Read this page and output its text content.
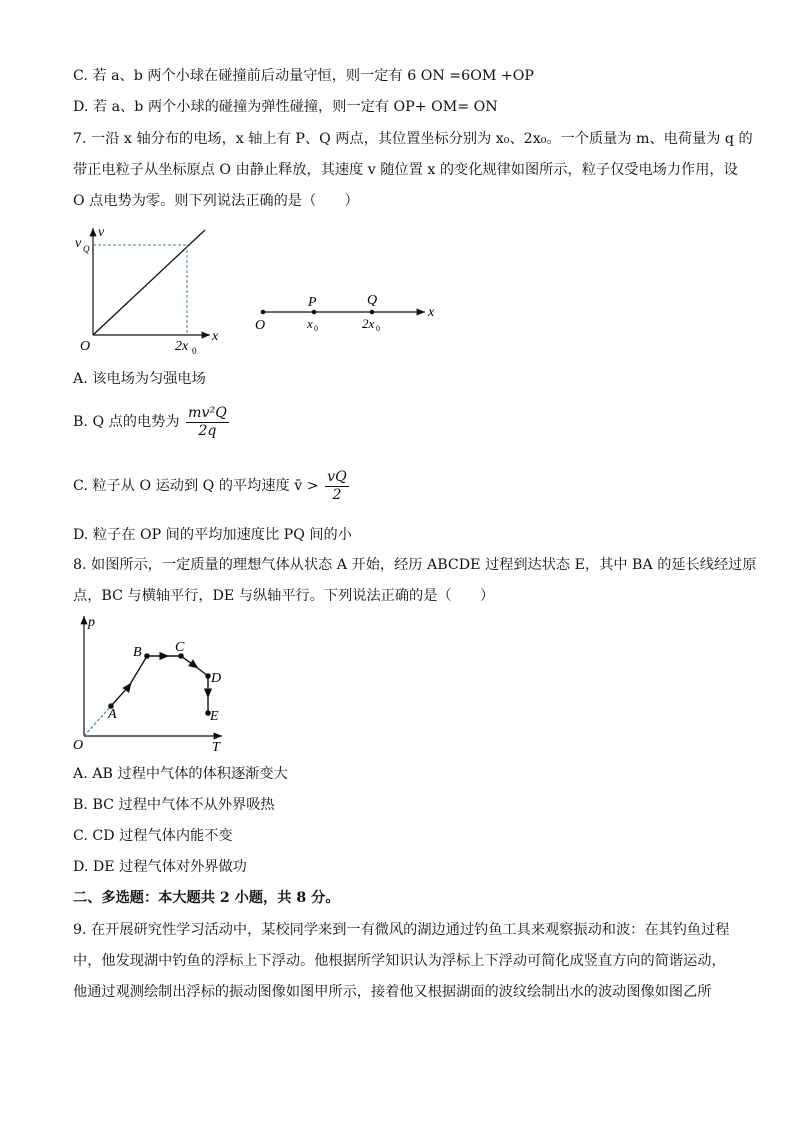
C. 若 a、b 两个小球在碰撞前后动量守恒，则一定有 6 ON =6OM +OP
D. 若 a、b 两个小球的碰撞为弹性碰撞，则一定有 OP+ OM= ON
7. 一沿 x 轴分布的电场，x 轴上有 P、Q 两点，其位置坐标分别为 x₀、2x₀。一个质量为 m、电荷量为 q 的
带正电粒子从坐标原点 O 由静止释放，其速度 v 随位置 x 的变化规律如图所示，粒子仅受电场力作用，设
O 点电势为零。则下列说法正确的是（　　）
v
v Q
O
x
2x 0
O
P	Q
x
x 0	2x 0
A. 该电场为匀强电场
B. Q 点的电势为 $\frac{\text{mv²Q}}{2q}$
C. 粒子从 O 运动到 Q 的平均速度 v̄ > $\frac{vQ}{2}$
D. 粒子在 OP 间的平均加速度比 PQ 间的小
8. 如图所示，一定质量的理想气体从状态 A 开始，经历 ABCDE 过程到达状态 E，其中 BA 的延长线经过原
点，BC 与横轴平行，DE 与纵轴平行。下列说法正确的是（　　）
p
T
O
A
B C
D
E
A. AB 过程中气体的体积逐渐变大
B. BC 过程中气体不从外界吸热
C. CD 过程气体内能不变
D. DE 过程气体对外界做功
二、多选题：本大题共 2 小题，共 8 分。
9. 在开展研究性学习活动中，某校同学来到一有微风的湖边通过钓鱼工具来观察振动和波：在其钓鱼过程
中，他发现湖中钓鱼的浮标上下浮动。他根据所学知识认为浮标上下浮动可简化成竖直方向的简谐运动，
他通过观测绘制出浮标的振动图像如图甲所示，接着他又根据湖面的波纹绘制出水的波动图像如图乙所
